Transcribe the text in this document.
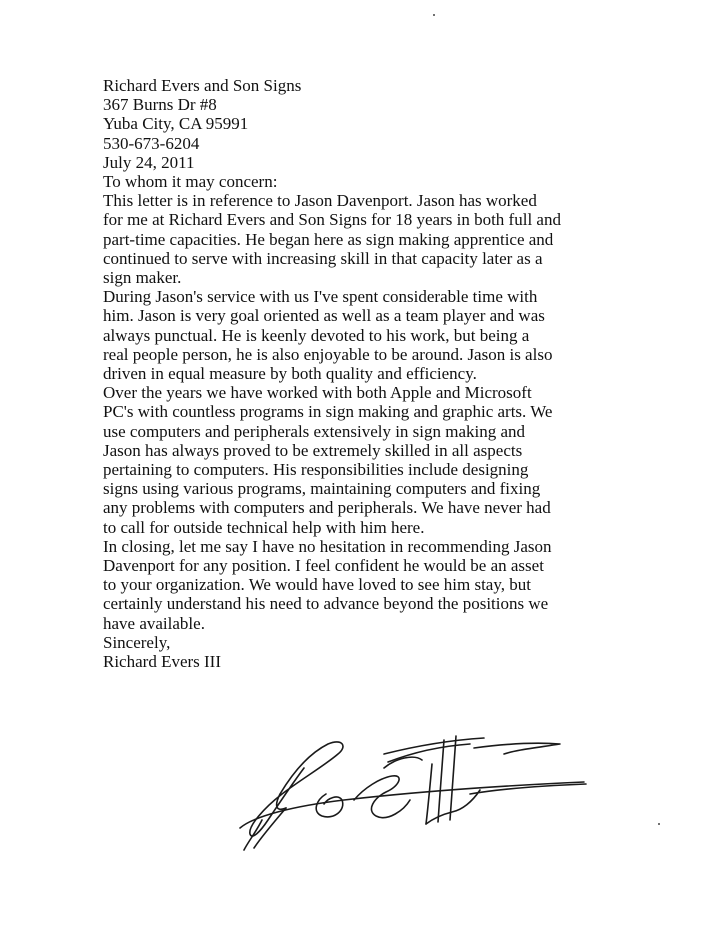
Richard Evers and Son Signs
367 Burns Dr #8
Yuba City, CA 95991
530-673-6204

July 24, 2011

To whom it may concern:

This letter is in reference to Jason Davenport. Jason has worked
for me at Richard Evers and Son Signs for 18 years in both full and
part-time capacities. He began here as sign making apprentice and
continued to serve with increasing skill in that capacity later as a
sign maker.

During Jason's service with us I've spent considerable time with
him. Jason is very goal oriented as well as a team player and was
always punctual. He is keenly devoted to his work, but being a
real people person, he is also enjoyable to be around. Jason is also
driven in equal measure by both quality and efficiency.

Over the years we have worked with both Apple and Microsoft
PC's with countless programs in sign making and graphic arts. We
use computers and peripherals extensively in sign making and
Jason has always proved to be extremely skilled in all aspects
pertaining to computers. His responsibilities include designing
signs using various programs, maintaining computers and fixing
any problems with computers and peripherals. We have never had
to call for outside technical help with him here.

In closing, let me say I have no hesitation in recommending Jason
Davenport for any position. I feel confident he would be an asset
to your organization. We would have loved to see him stay, but
certainly understand his need to advance beyond the positions we
have available.

Sincerely,

Richard Evers III
